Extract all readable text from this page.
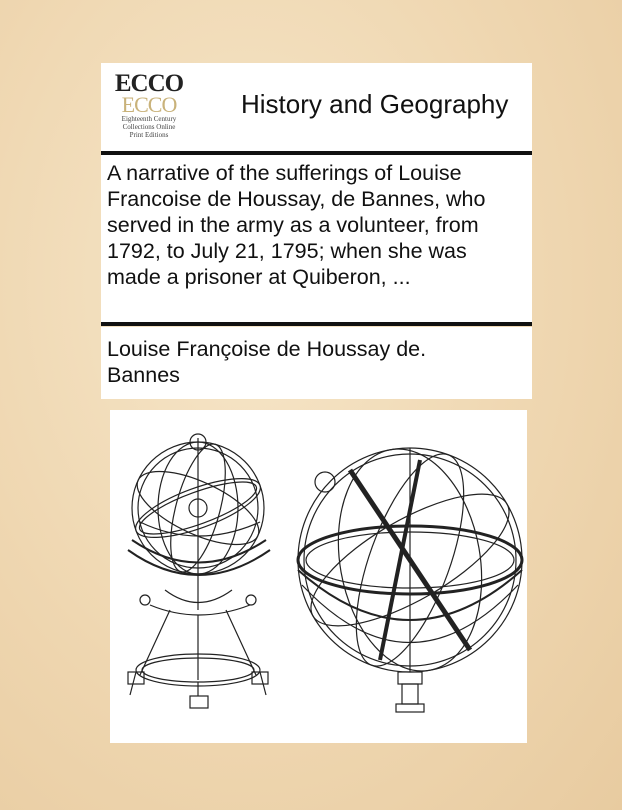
ECCO
ECCO
Eighteenth Century
Collections Online
Print Editions
History and Geography
A narrative of the sufferings of Louise Francoise de Houssay, de Bannes, who served in the army as a volunteer, from 1792, to July 21, 1795; when she was made a prisoner at Quiberon, ...
Louise Françoise de Houssay de.
Bannes
